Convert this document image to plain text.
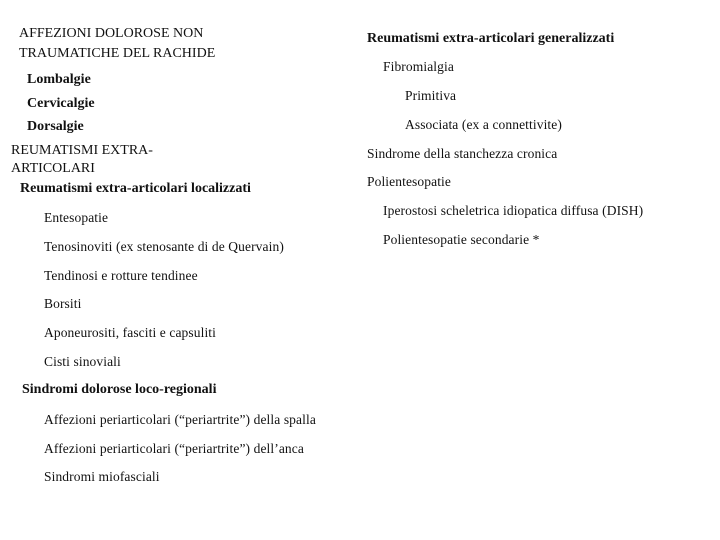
AFFEZIONI DOLOROSE NON TRAUMATICHE DEL RACHIDE
Lombalgie
Cervicalgie
Dorsalgie
REUMATISMI EXTRA-ARTICOLARI
Reumatismi extra-articolari localizzati
Entesopatie
Tenosinoviti (ex stenosante di de Quervain)
Tendinosi e rotture tendinee
Borsiti
Aponeurositi, fasciti e capsuliti
Cisti sinoviali
Sindromi dolorose loco-regionali
Affezioni periarticolari (“periartrite”) della spalla
Affezioni periarticolari (“periartrite”) dell’anca
Sindromi miofasciali
Reumatismi extra-articolari generalizzati
Fibromialgia
Primitiva
Associata (ex a connettivite)
Sindrome della stanchezza cronica
Polientesopatie
Iperostosi scheletrica idiopatica diffusa (DISH)
Polientesopatie secondarie *
